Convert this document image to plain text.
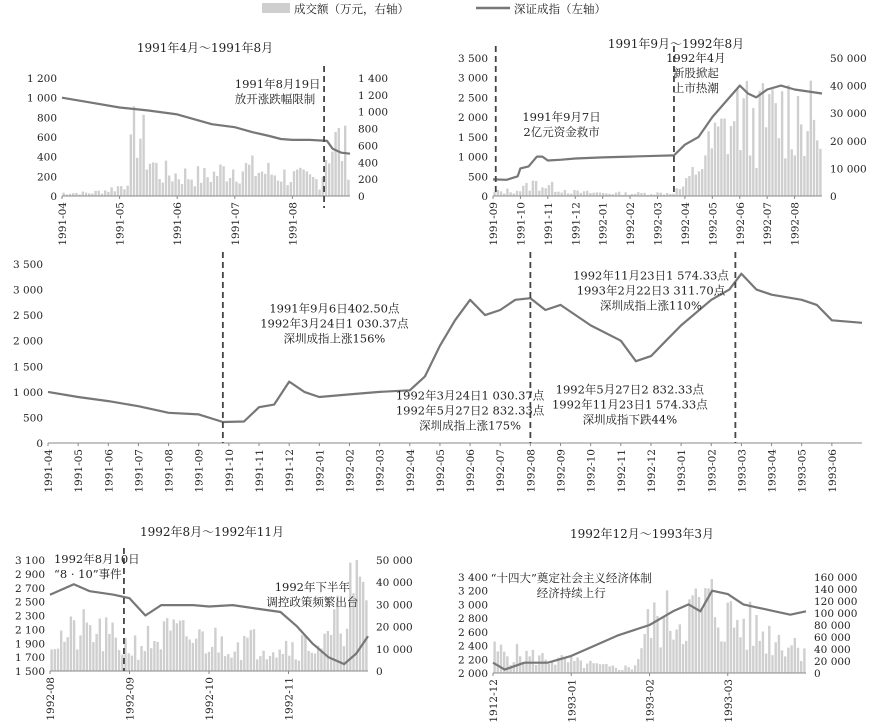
成交额（万元，右轴）	深证成指（左轴）
1991年4月～1991年8月
0
200
400
600
800
1 000
1 200
0
200
400
600
800
1 000
1 200
1 400
1991-04	1991-05	1991-06	1991-07	1991-08
1991年8月19日
放开涨跌幅限制
1991年9月～1992年8月
0
500
1 000
1 500
2 000
2 500
3 000
3 500
0
10 000
20 000
30 000
40 000
50 000
1991-09 1991-10 1991-11 1991-12 1992-01 1992-02 1992-03 1992-04 1992-05 1992-06 1992-07 1992-08
1991年9月7日
2亿元资金救市
1992年4月
新股掀起
上市热潮
0
500
1 000
1 500
2 000
2 500
3 000
3 500
1991-04 1991-05 1991-06 1991-07 1991-08 1991-09 1991-10 1991-11 1991-12 1992-01 1992-02 1992-03 1992-04 1992-05 1992-06 1992-07 1992-08 1992-09 1992-10 1992-11 1992-12 1993-01 1993-02 1993-03 1993-04 1993-05 1993-06
1991年9月6日402.50点
1992年3月24日1 030.37点
深圳成指上涨156%
1992年3月24日1 030.37点
1992年5月27日2 832.33点
深圳成指上涨175%
1992年11月23日1 574.33点
1993年2月22日3 311.70点
深圳成指上涨110%
1992年5月27日2 832.33点
1992年11月23日1 574.33点
深圳成指下跌44%
1992年8月～1992年11月
1 500
1 700
1 900
2 100
2 300
2 500
2 700
2 900
3 100
0
10 000
20 000
30 000
40 000
50 000
1992-08	1992-09	1992-10	1992-11
1992年8月10日
“8 · 10”事件
1992年下半年
调控政策频繁出台
1992年12月～1993年3月
2 000
2 200
2 400
2 600
2 800
3 000
3 200
3 400
0
20 000
40 000
60 000
80 000
100 000
120 000
140 000
160 000
1912-12	1993-01	1993-02	1993-03
“十四大”奠定社会主义经济体制
经济持续上行
